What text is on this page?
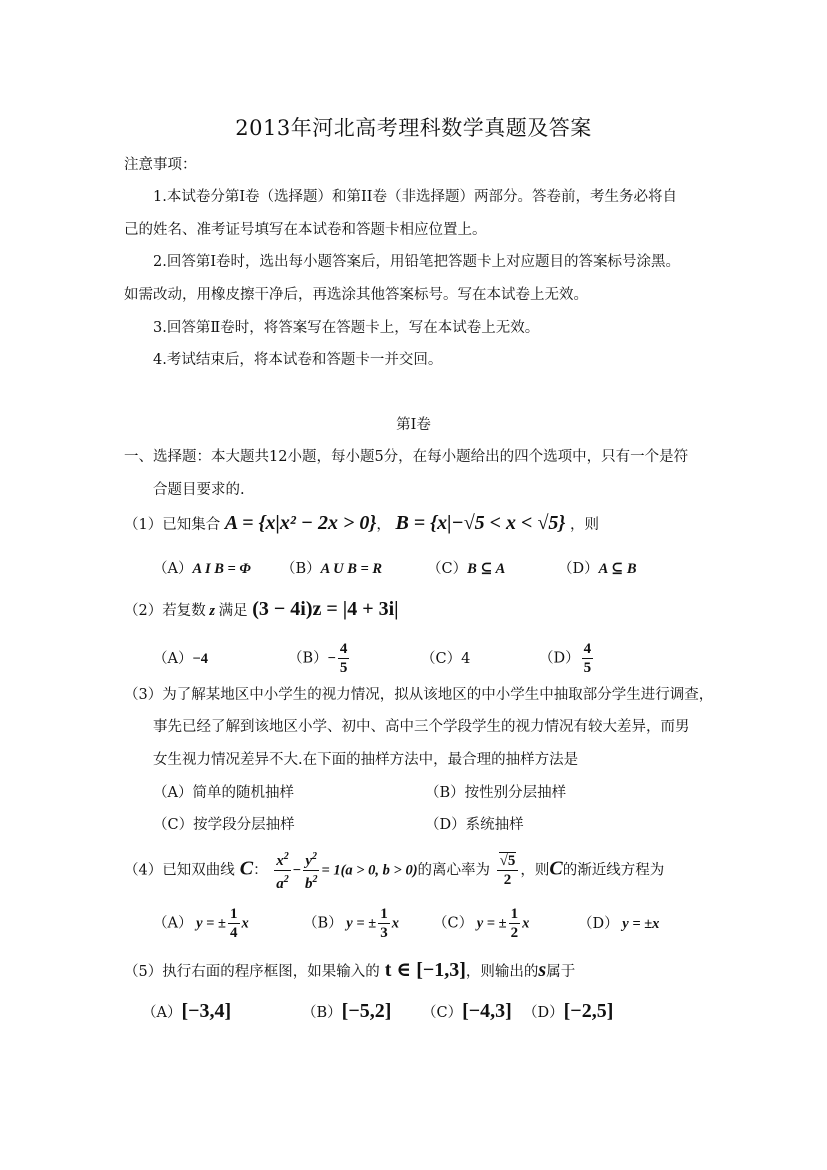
2013年河北高考理科数学真题及答案
注意事项：
1.本试卷分第Ⅰ卷（选择题）和第II卷（非选择题）两部分。答卷前，考生务必将自
己的姓名、准考证号填写在本试卷和答题卡相应位置上。
2.回答第Ⅰ卷时，选出每小题答案后，用铅笔把答题卡上对应题目的答案标号涂黑。
如需改动，用橡皮擦干净后，再选涂其他答案标号。写在本试卷上无效。
3.回答第Ⅱ卷时，将答案写在答题卡上，写在本试卷上无效。
4.考试结束后，将本试卷和答题卡一并交回。
第Ⅰ卷
一、选择题：本大题共12小题，每小题5分，在每小题给出的四个选项中，只有一个是符
合题目要求的.
（1）已知集合 A = {x|x² − 2x > 0}， B = {x|−√5 < x < √5} ，则
（A）A I B = Φ （B）A U B = R	（C）B ⊆ A	（D）A ⊆ B
（2）若复数 z 满足 (3 − 4i)z = |4 + 3i|
（A）−4	$(B)- \frac{4}{5}$	（C）4	$(D) \frac{4}{5}$
（3）为了解某地区中小学生的视力情况，拟从该地区的中小学生中抽取部分学生进行调查，
事先已经了解到该地区小学、初中、高中三个学段学生的视力情况有较大差异，而男
女生视力情况差异不大.在下面的抽样方法中，最合理的抽样方法是
（A）简单的随机抽样	（B）按性别分层抽样
（C）按学段分层抽样	（D）系统抽样
（4）已知双曲线 C： $\frac{x^2}{a^2} - \frac{y^2}{b^2} = 1(a > 0$, b > 0)的离心率为 $\frac{√5}{2}$ ，则C的渐近线方程为
（A） y = ± $\frac{1}{4}$ x	（B） y = ± $\frac{1}{3}$ x （C） y = ± $\frac{1}{2}$ x	（D） y = ±x
（5）执行右面的程序框图，如果输入的 t ∈ [−1,3]，则输出的s属于
（A）[−3,4]	（B）[−5,2] （C）[−4,3] （D）[−2,5]
